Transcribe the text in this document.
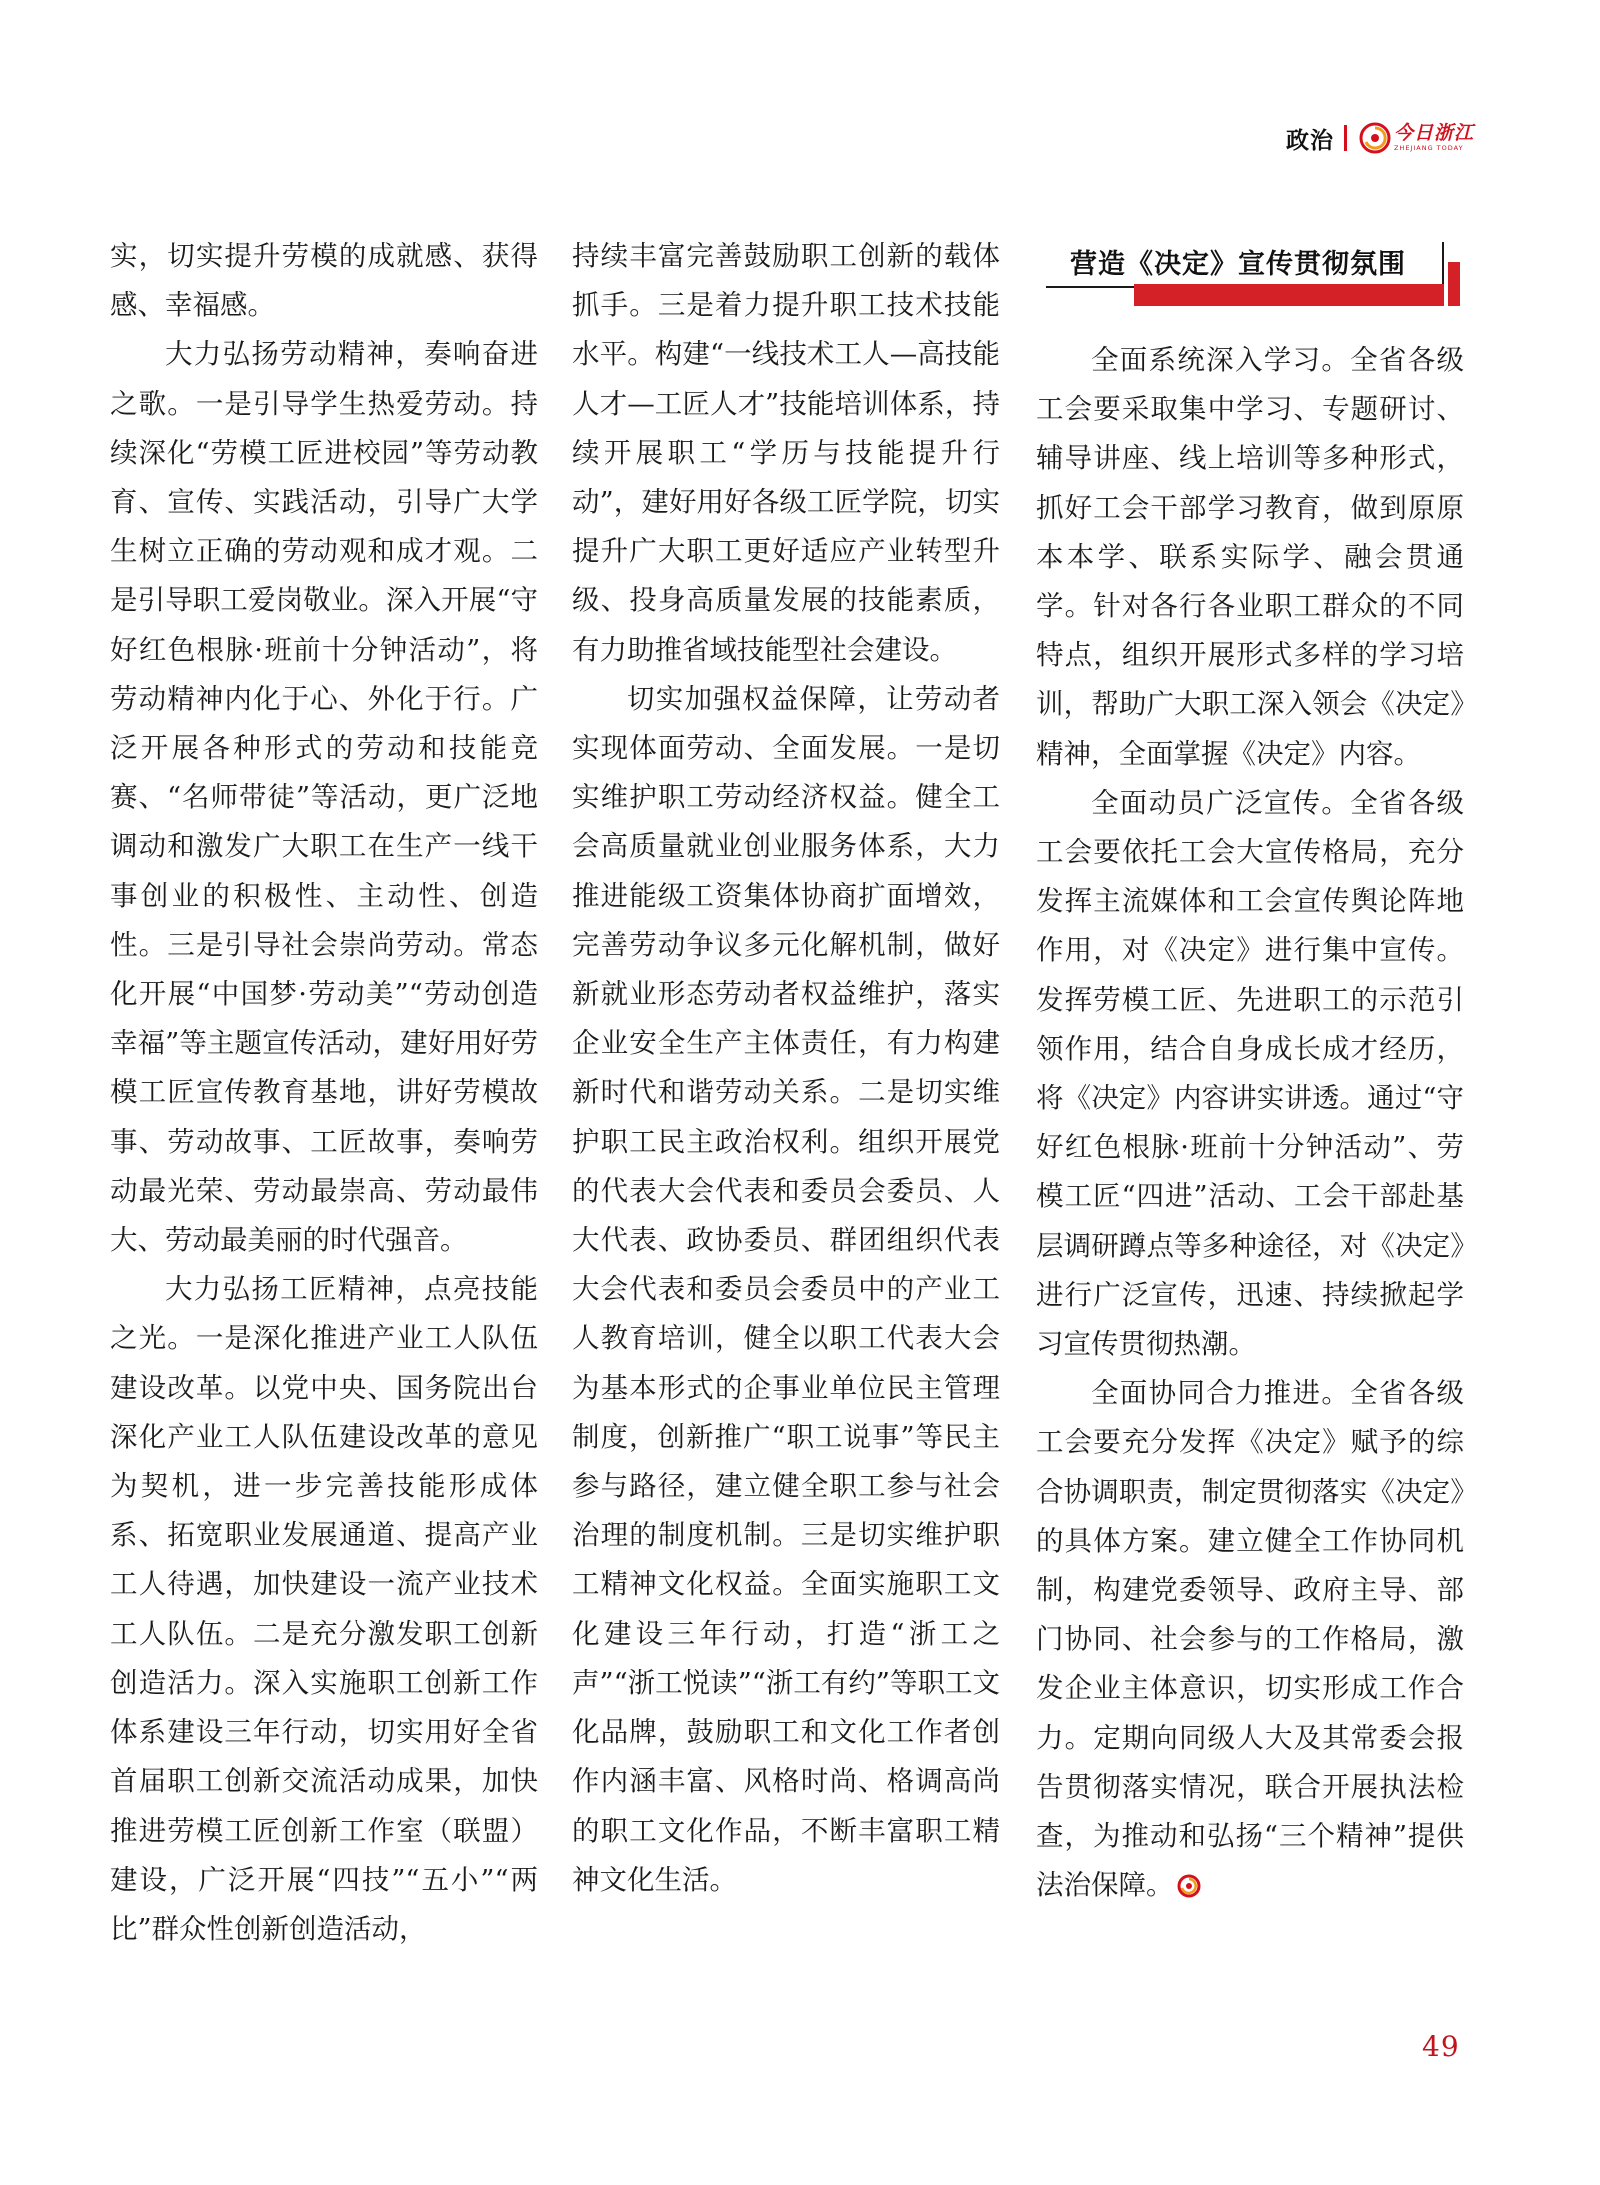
政治	今日浙江
ZHEJIANG TODAY

实，切实提升劳模的成就感、获得感、幸福感。

大力弘扬劳动精神，奏响奋进之歌。一是引导学生热爱劳动。持续深化“劳模工匠进校园”等劳动教育、宣传、实践活动，引导广大学生树立正确的劳动观和成才观。二是引导职工爱岗敬业。深入开展“守好红色根脉·班前十分钟活动”，将劳动精神内化于心、外化于行。广泛开展各种形式的劳动和技能竞赛、“名师带徒”等活动，更广泛地调动和激发广大职工在生产一线干事创业的积极性、主动性、创造性。三是引导社会崇尚劳动。常态化开展“中国梦·劳动美”“劳动创造幸福”等主题宣传活动，建好用好劳模工匠宣传教育基地，讲好劳模故事、劳动故事、工匠故事，奏响劳动最光荣、劳动最崇高、劳动最伟大、劳动最美丽的时代强音。

大力弘扬工匠精神，点亮技能之光。一是深化推进产业工人队伍建设改革。以党中央、国务院出台深化产业工人队伍建设改革的意见为契机，进一步完善技能形成体系、拓宽职业发展通道、提高产业工人待遇，加快建设一流产业技术工人队伍。二是充分激发职工创新创造活力。深入实施职工创新工作体系建设三年行动，切实用好全省首届职工创新交流活动成果，加快推进劳模工匠创新工作室（联盟）建设，广泛开展“四技”“五小”“两比”群众性创新创造活动，

持续丰富完善鼓励职工创新的载体抓手。三是着力提升职工技术技能水平。构建“一线技术工人—高技能人才—工匠人才”技能培训体系，持续开展职工“学历与技能提升行动”，建好用好各级工匠学院，切实提升广大职工更好适应产业转型升级、投身高质量发展的技能素质，有力助推省域技能型社会建设。

切实加强权益保障，让劳动者实现体面劳动、全面发展。一是切实维护职工劳动经济权益。健全工会高质量就业创业服务体系，大力推进能级工资集体协商扩面增效，完善劳动争议多元化解机制，做好新就业形态劳动者权益维护，落实企业安全生产主体责任，有力构建新时代和谐劳动关系。二是切实维护职工民主政治权利。组织开展党的代表大会代表和委员会委员、人大代表、政协委员、群团组织代表大会代表和委员会委员中的产业工人教育培训，健全以职工代表大会为基本形式的企事业单位民主管理制度，创新推广“职工说事”等民主参与路径，建立健全职工参与社会治理的制度机制。三是切实维护职工精神文化权益。全面实施职工文化建设三年行动，打造“浙工之声”“浙工悦读”“浙工有约”等职工文化品牌，鼓励职工和文化工作者创作内涵丰富、风格时尚、格调高尚的职工文化作品，不断丰富职工精神文化生活。

营造《决定》宣传贯彻氛围

全面系统深入学习。全省各级工会要采取集中学习、专题研讨、辅导讲座、线上培训等多种形式，抓好工会干部学习教育，做到原原本本学、联系实际学、融会贯通学。针对各行各业职工群众的不同特点，组织开展形式多样的学习培训，帮助广大职工深入领会《决定》精神，全面掌握《决定》内容。

全面动员广泛宣传。全省各级工会要依托工会大宣传格局，充分发挥主流媒体和工会宣传舆论阵地作用，对《决定》进行集中宣传。发挥劳模工匠、先进职工的示范引领作用，结合自身成长成才经历，将《决定》内容讲实讲透。通过“守好红色根脉·班前十分钟活动”、劳模工匠“四进”活动、工会干部赴基层调研蹲点等多种途径，对《决定》进行广泛宣传，迅速、持续掀起学习宣传贯彻热潮。

全面协同合力推进。全省各级工会要充分发挥《决定》赋予的综合协调职责，制定贯彻落实《决定》的具体方案。建立健全工作协同机制，构建党委领导、政府主导、部门协同、社会参与的工作格局，激发企业主体意识，切实形成工作合力。定期向同级人大及其常委会报告贯彻落实情况，联合开展执法检查，为推动和弘扬“三个精神”提供法治保障。

49
